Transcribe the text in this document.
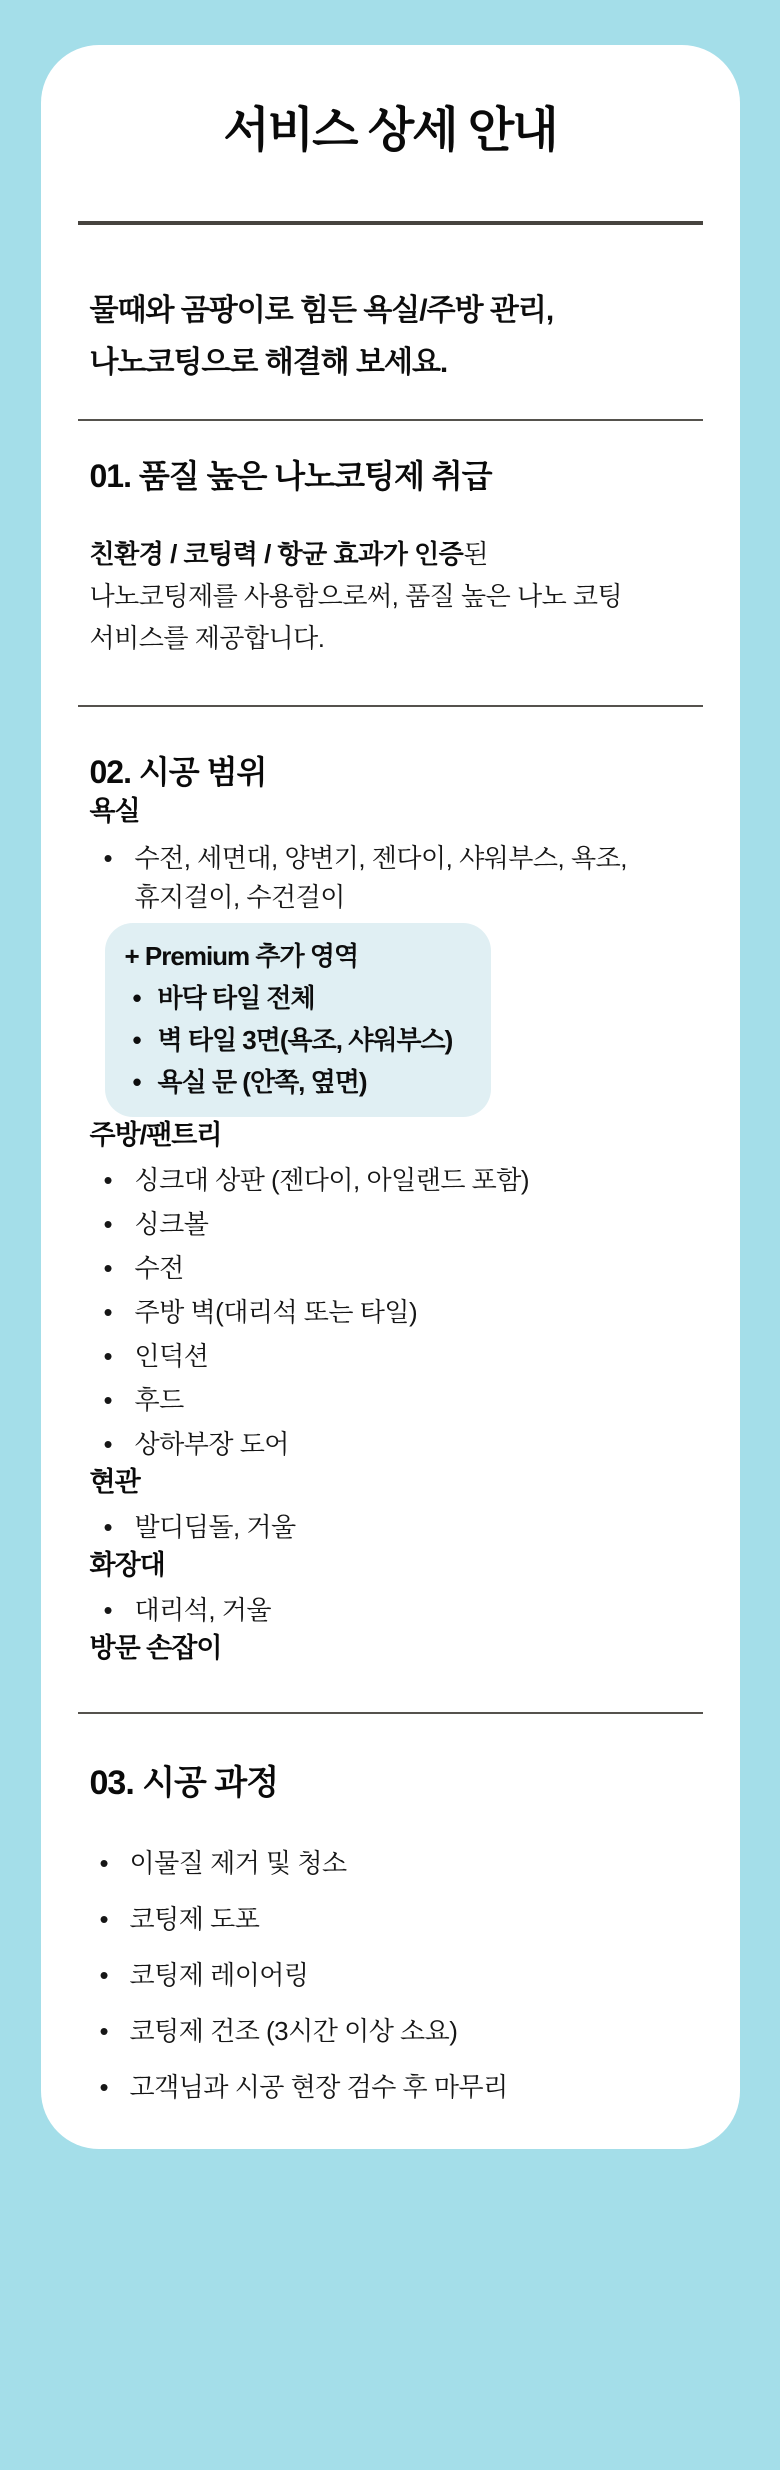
서비스 상세 안내

물때와 곰팡이로 힘든 욕실/주방 관리,
나노코팅으로 해결해 보세요.

01. 품질 높은 나노코팅제 취급

친환경 / 코팅력 / 항균 효과가 인증된
나노코팅제를 사용함으로써, 품질 높은 나노 코팅
서비스를 제공합니다.

02. 시공 범위
욕실
• 수전, 세면대, 양변기, 젠다이, 샤워부스, 욕조,
휴지걸이, 수건걸이

+ Premium 추가 영역

• 바닥 타일 전체
• 벽 타일 3면(욕조, 샤워부스)
• 욕실 문 (안쪽, 옆면)
주방/팬트리
• 싱크대 상판 (젠다이, 아일랜드 포함)
• 싱크볼
• 수전
• 주방 벽(대리석 또는 타일)
• 인덕션
• 후드
• 상하부장 도어
현관
• 발디딤돌, 거울
화장대
• 대리석, 거울
방문 손잡이
03. 시공 과정
• 이물질 제거 및 청소
• 코팅제 도포
• 코팅제 레이어링
• 코팅제 건조 (3시간 이상 소요)
• 고객님과 시공 현장 검수 후 마무리
